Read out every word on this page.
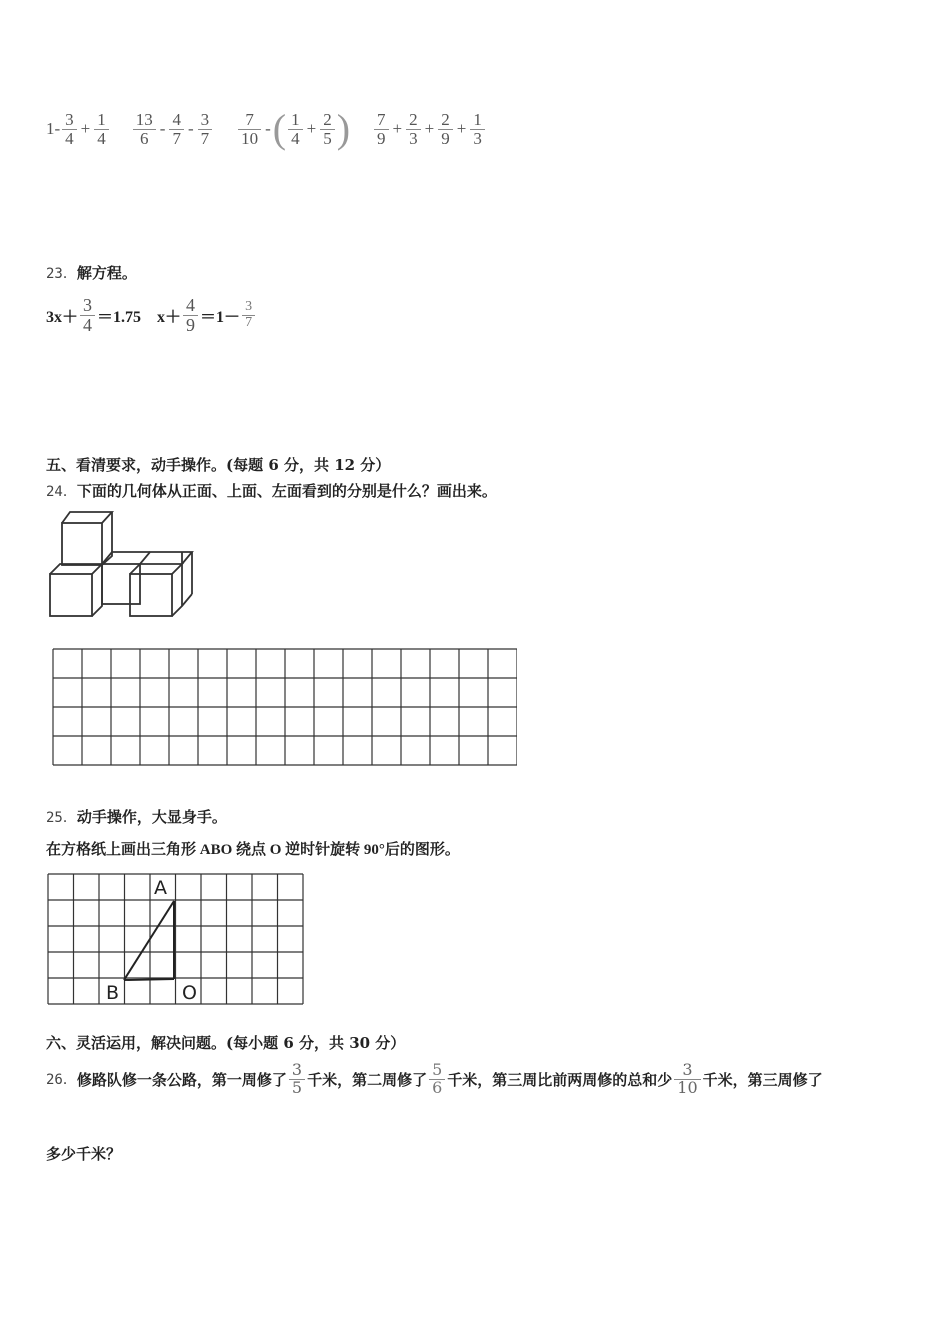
$1- \frac{3}{4} + \frac{1}{4} \frac{13}{6} - \frac{4}{7} - \frac{3}{7} \frac{7}{10}$ - ( $\frac{1}{4} + \frac{2}{5}$ ) $\frac{7}{9} + \frac{2}{3} + \frac{2}{9} + \frac{1}{3}$
23．解方程。
$3x+ \frac{3}{4} =1.75$ $x+ \frac{4}{9} =1- \frac{3}{7}$
五、看清要求，动手操作。(每题 6 分，共 12 分）
24．下面的几何体从正面、上面、左面看到的分别是什么？画出来。
25．动手操作，大显身手。
在方格纸上画出三角形 ABO 绕点 O 逆时针旋转 90°后的图形。
A
B	O
六、灵活运用，解决问题。(每小题 6 分，共 30 分）
26． 修路队修一条公路，第一周修了 $\frac{3}{5}$ 千米，第二周修了 $\frac{5}{6}$ 千米，第三周比前两周修的总和少 $\frac{3}{10}$ 千米，第三周修了
多少千米？
